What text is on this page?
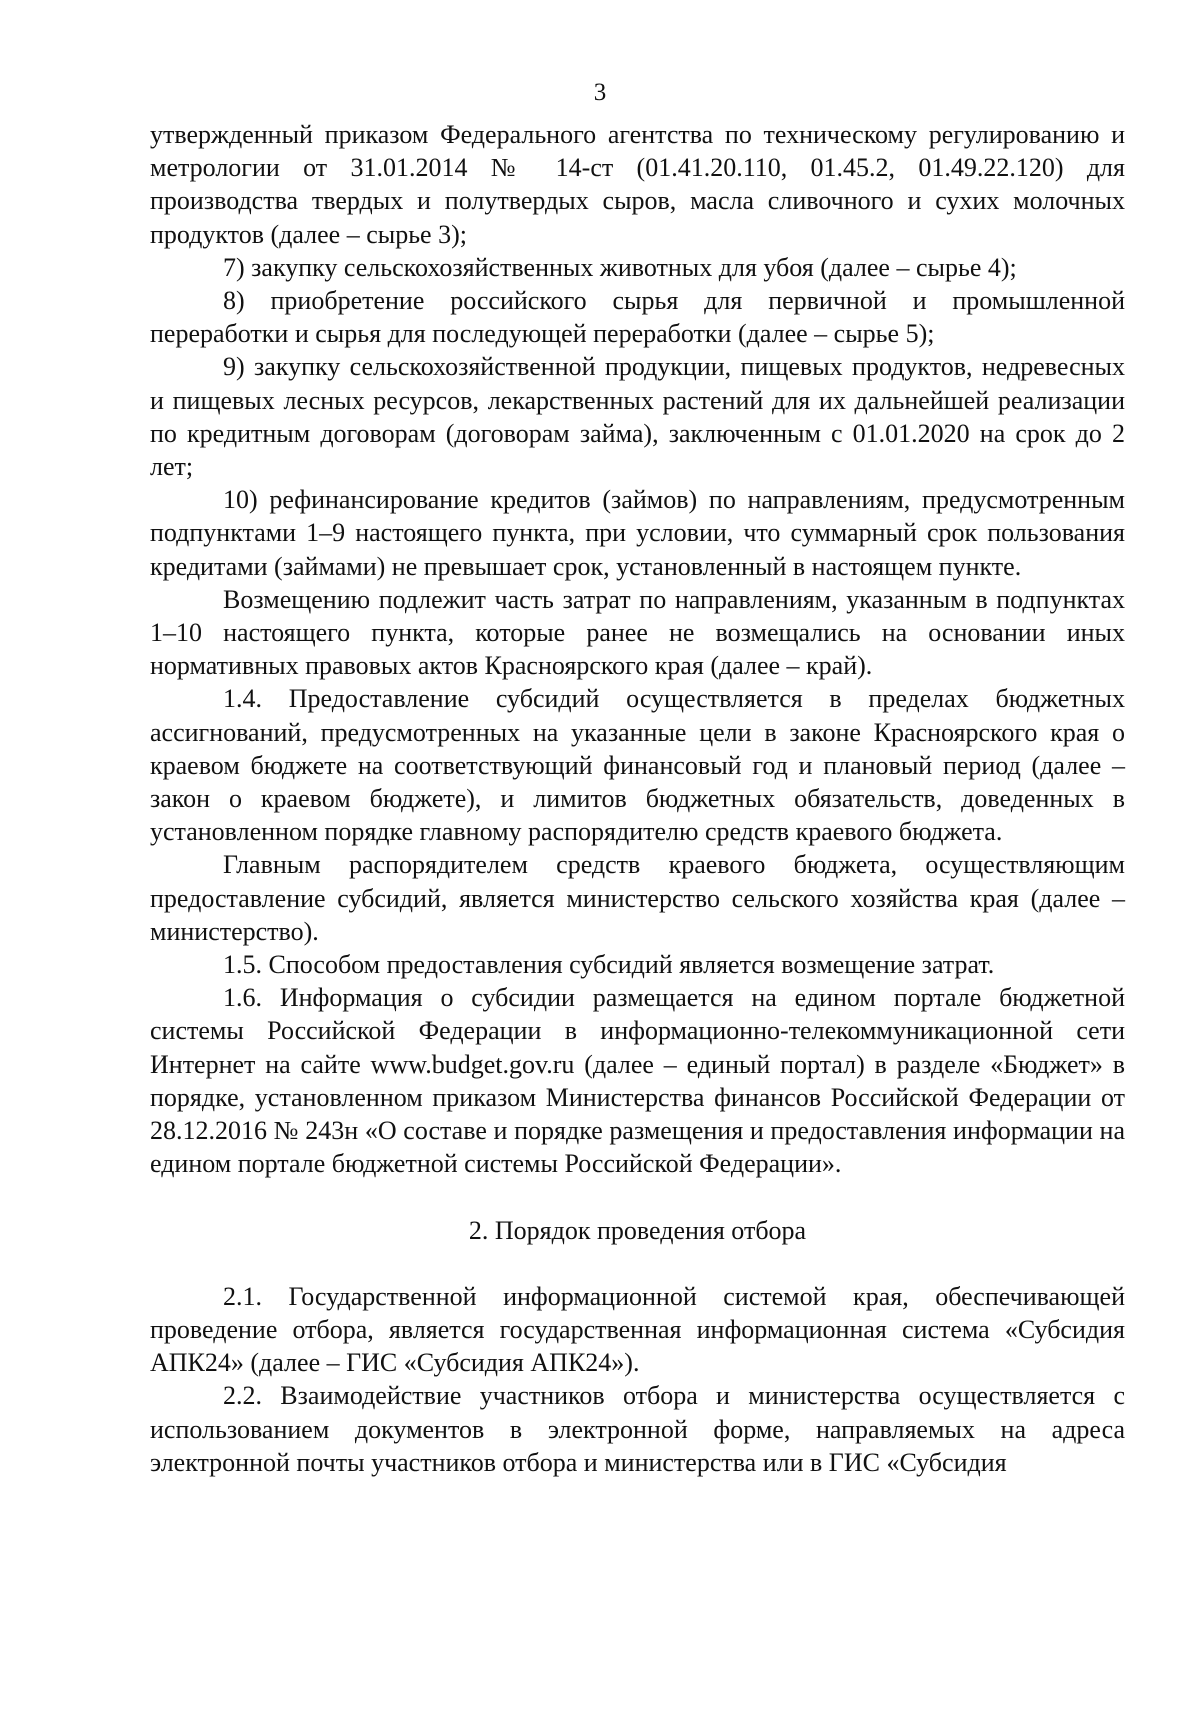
3

утвержденный приказом Федерального агентства по техническому регулированию и метрологии от 31.01.2014 № 14-ст (01.41.20.110, 01.45.2, 01.49.22.120) для производства твердых и полутвердых сыров, масла сливочного и сухих молочных продуктов (далее – сырье 3);

7) закупку сельскохозяйственных животных для убоя (далее – сырье 4);

8) приобретение российского сырья для первичной и промышленной переработки и сырья для последующей переработки (далее – сырье 5);

9) закупку сельскохозяйственной продукции, пищевых продуктов, недревесных и пищевых лесных ресурсов, лекарственных растений для их дальнейшей реализации по кредитным договорам (договорам займа), заключенным с 01.01.2020 на срок до 2 лет;

10) рефинансирование кредитов (займов) по направлениям, предусмотренным подпунктами 1–9 настоящего пункта, при условии, что суммарный срок пользования кредитами (займами) не превышает срок, установленный в настоящем пункте.

Возмещению подлежит часть затрат по направлениям, указанным в подпунктах 1–10 настоящего пункта, которые ранее не возмещались на основании иных нормативных правовых актов Красноярского края (далее – край).

1.4. Предоставление субсидий осуществляется в пределах бюджетных ассигнований, предусмотренных на указанные цели в законе Красноярского края о краевом бюджете на соответствующий финансовый год и плановый период (далее – закон о краевом бюджете), и лимитов бюджетных обязательств, доведенных в установленном порядке главному распорядителю средств краевого бюджета.

Главным распорядителем средств краевого бюджета, осуществляющим предоставление субсидий, является министерство сельского хозяйства края (далее – министерство).

1.5. Способом предоставления субсидий является возмещение затрат.

1.6. Информация о субсидии размещается на едином портале бюджетной системы Российской Федерации в информационно-телекоммуникационной сети Интернет на сайте www.budget.gov.ru (далее – единый портал) в разделе «Бюджет» в порядке, установленном приказом Министерства финансов Российской Федерации от 28.12.2016 № 243н «О составе и порядке размещения и предоставления информации на едином портале бюджетной системы Российской Федерации».

2. Порядок проведения отбора

2.1. Государственной информационной системой края, обеспечивающей проведение отбора, является государственная информационная система «Субсидия АПК24» (далее – ГИС «Субсидия АПК24»).

2.2. Взаимодействие участников отбора и министерства осуществляется с использованием документов в электронной форме, направляемых на адреса электронной почты участников отбора и министерства или в ГИС «Субсидия
